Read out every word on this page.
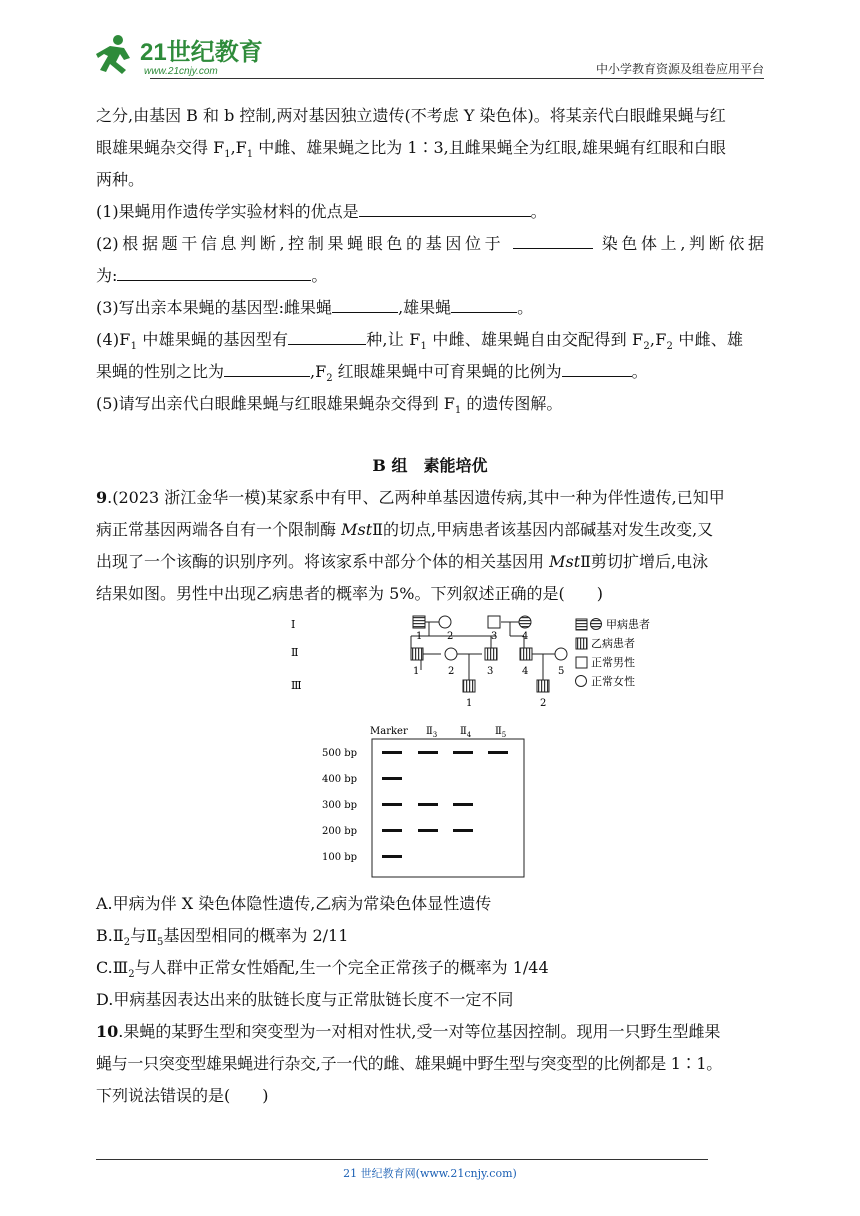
21世纪教育
www.21cnjy.com	中小学教育资源及组卷应用平台

之分,由基因 B 和 b 控制,两对基因独立遗传(不考虑 Y 染色体)。将某亲代白眼雌果蝇与红

眼雄果蝇杂交得 $F_1,F_1$ 中雌、雄果蝇之比为 1∶3,且雌果蝇全为红眼,雄果蝇有红眼和白眼

两种。

(1)果蝇用作遗传学实验材料的优点是	。

(2)根据题干信息判断,控制果蝇眼色的基因位于	染色体上,判断依据

为:	。

(3)写出亲本果蝇的基因型:雌果蝇	,雄果蝇	。

$(4)F_1$ 中雄果蝇的基因型有	种,让 $F_1$ 中雌、雄果蝇自由交配得到 $F_2,F_2$ 中雌、雄

果蝇的性别之比为	$,F_2$ 红眼雄果蝇中可育果蝇的比例为	。

(5)请写出亲代白眼雌果蝇与红眼雄果蝇杂交得到 $F_1$ 的遗传图解。

B 组　 素能培优

9.(2023 浙江金华一模)某家系中有甲、乙两种单基因遗传病,其中一种为伴性遗传,已知甲

病正常基因两端各自有一个限制酶 MstⅡ的切点,甲病患者该基因内部碱基对发生改变,又

出现了一个该酶的识别序列。将该家系中部分个体的相关基因用 MstⅡ剪切扩增后,电泳

结果如图。男性中出现乙病患者的概率为 5%。下列叙述正确的是(　　)

Ⅰ
Ⅱ
Ⅲ
1 2	3 4
1	2	3	4	5
1	2
甲病患者
乙病患者
正常男性
正常女性
Marker $Ⅱ_3$ $Ⅱ_4$ $Ⅱ_5$
500 bp
400 bp
300 bp
200 bp
100 bp

A.甲病为伴 X 染色体隐性遗传,乙病为常染色体显性遗传

$B.Ⅱ_2$与$Ⅱ_5$基因型相同的概率为 2/11

$C.Ⅲ_2$与人群中正常女性婚配,生一个完全正常孩子的概率为 1/44

D.甲病基因表达出来的肽链长度与正常肽链长度不一定不同

10.果蝇的某野生型和突变型为一对相对性状,受一对等位基因控制。现用一只野生型雌果

蝇与一只突变型雄果蝇进行杂交,子一代的雌、雄果蝇中野生型与突变型的比例都是 1∶1。

下列说法错误的是(　　)

21 世纪教育网(www.21cnjy.com)
